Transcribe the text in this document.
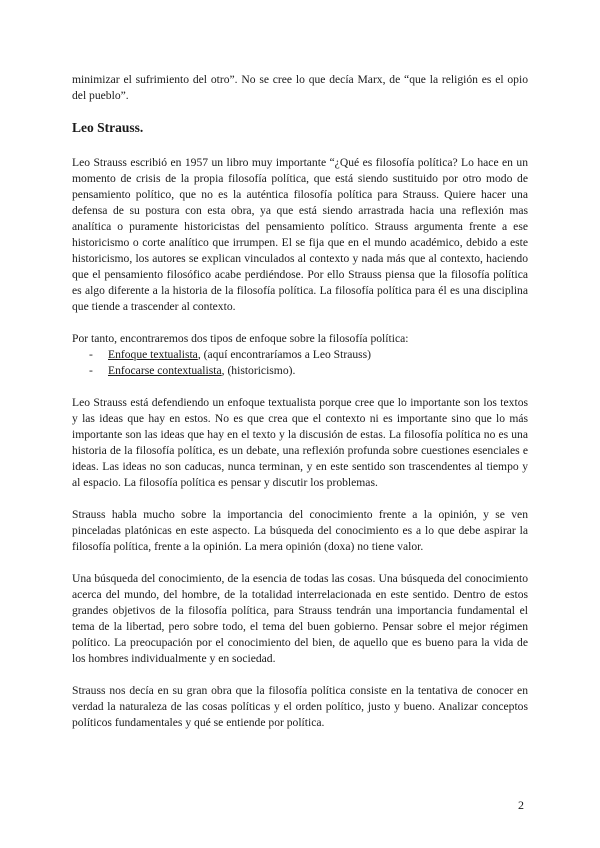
minimizar el sufrimiento del otro”. No se cree lo que decía Marx, de “que la religión es el opio del pueblo”.

Leo Strauss.

Leo Strauss escribió en 1957 un libro muy importante “¿Qué es filosofía política? Lo hace en un momento de crisis de la propia filosofía política, que está siendo sustituido por otro modo de pensamiento político, que no es la auténtica filosofía política para Strauss. Quiere hacer una defensa de su postura con esta obra, ya que está siendo arrastrada hacia una reflexión mas analítica o puramente historicistas del pensamiento político. Strauss argumenta frente a ese historicismo o corte analítico que irrumpen. El se fija que en el mundo académico, debido a este historicismo, los autores se explican vinculados al contexto y nada más que al contexto, haciendo que el pensamiento filosófico acabe perdiéndose. Por ello Strauss piensa que la filosofía política es algo diferente a la historia de la filosofía política. La filosofía política para él es una disciplina que tiende a trascender al contexto.

Por tanto, encontraremos dos tipos de enfoque sobre la filosofía política:

- Enfoque textualista, (aquí encontraríamos a Leo Strauss)
- Enfocarse contextualista, (historicismo).

Leo Strauss está defendiendo un enfoque textualista porque cree que lo importante son los textos y las ideas que hay en estos. No es que crea que el contexto ni es importante sino que lo más importante son las ideas que hay en el texto y la discusión de estas. La filosofía política no es una historia de la filosofía política, es un debate, una reflexión profunda sobre cuestiones esenciales e ideas. Las ideas no son caducas, nunca terminan, y en este sentido son trascendentes al tiempo y al espacio. La filosofía política es pensar y discutir los problemas.

Strauss habla mucho sobre la importancia del conocimiento frente a la opinión, y se ven pinceladas platónicas en este aspecto. La búsqueda del conocimiento es a lo que debe aspirar la filosofía política, frente a la opinión. La mera opinión (doxa) no tiene valor.

Una búsqueda del conocimiento, de la esencia de todas las cosas. Una búsqueda del conocimiento acerca del mundo, del hombre, de la totalidad interrelacionada en este sentido. Dentro de estos grandes objetivos de la filosofía política, para Strauss tendrán una importancia fundamental el tema de la libertad, pero sobre todo, el tema del buen gobierno. Pensar sobre el mejor régimen político. La preocupación por el conocimiento del bien, de aquello que es bueno para la vida de los hombres individualmente y en sociedad.

Strauss nos decía en su gran obra que la filosofía política consiste en la tentativa de conocer en verdad la naturaleza de las cosas políticas y el orden político, justo y bueno. Analizar conceptos políticos fundamentales y qué se entiende por política.

2
